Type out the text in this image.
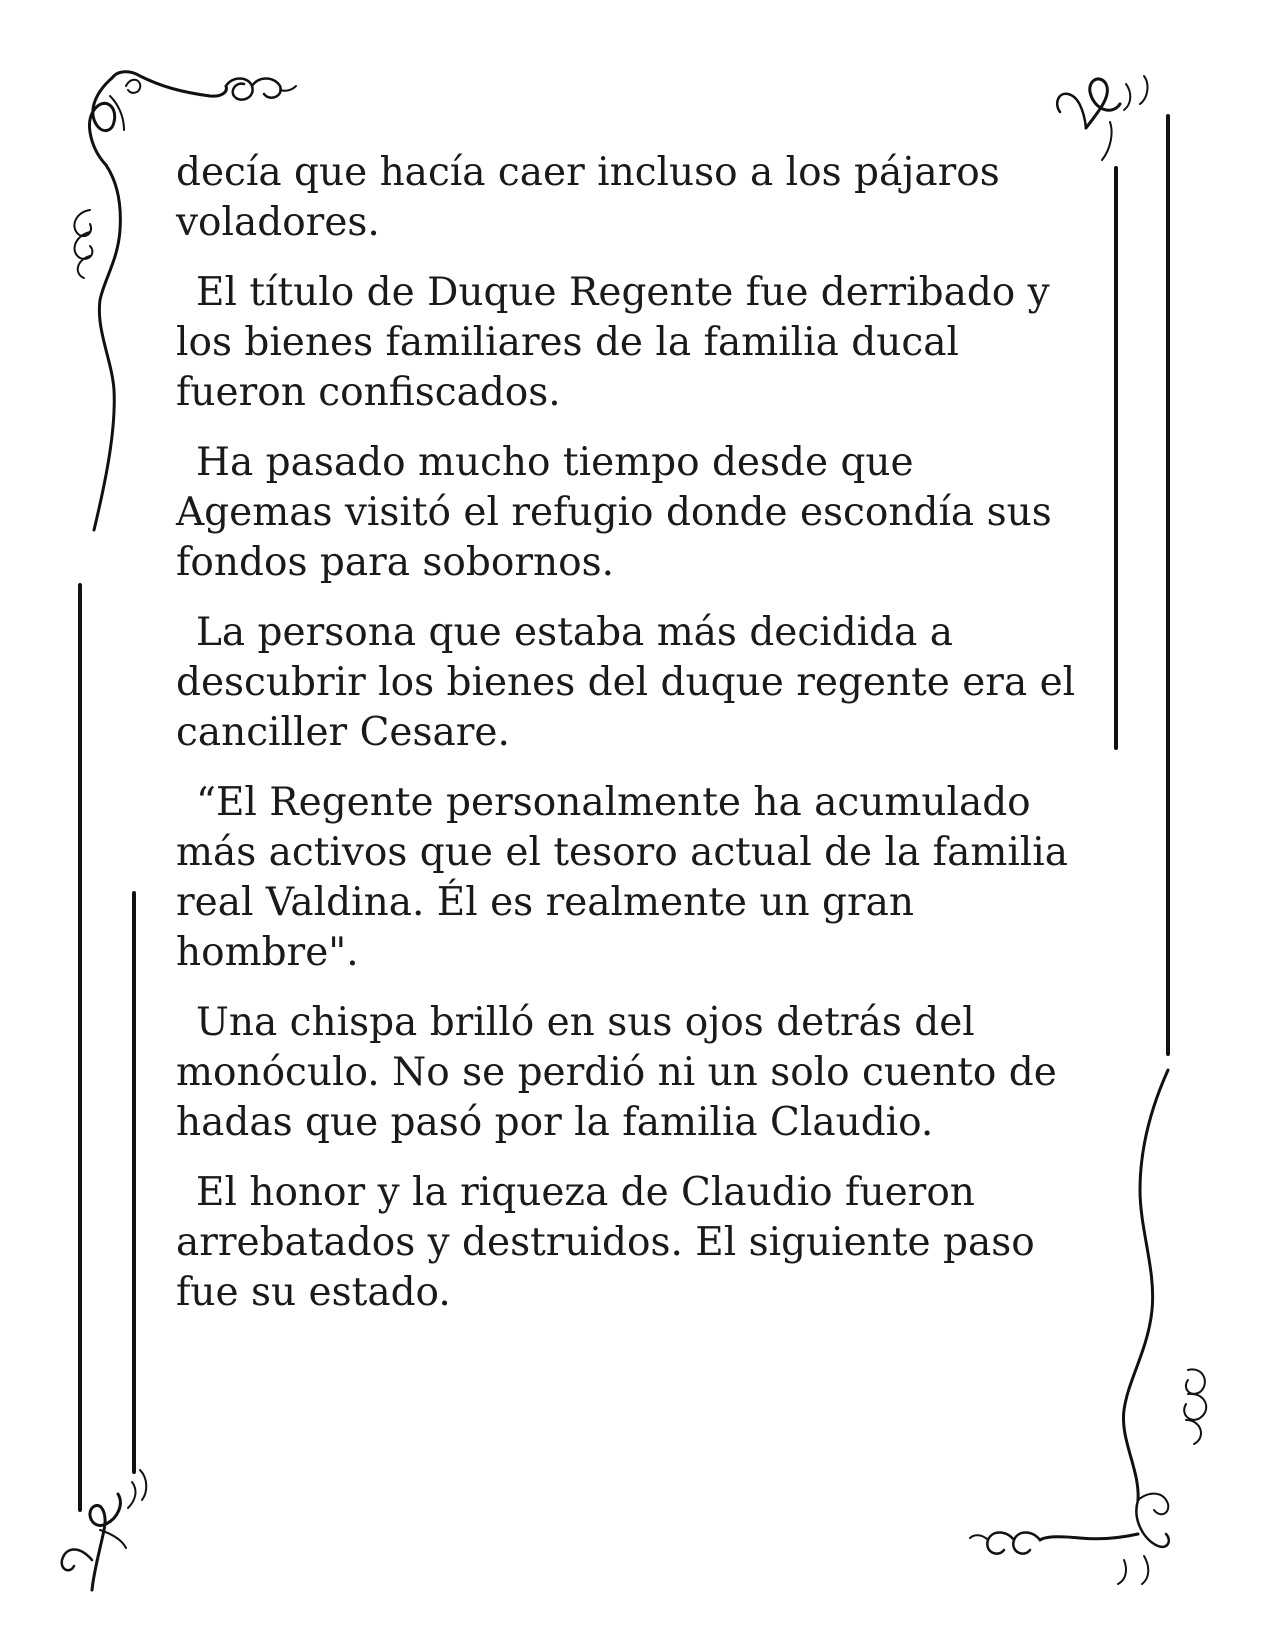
decía que hacía caer incluso a los pájaros voladores.

El título de Duque Regente fue derribado y los bienes familiares de la familia ducal fueron confiscados.

Ha pasado mucho tiempo desde que Agemas visitó el refugio donde escondía sus fondos para sobornos.

La persona que estaba más decidida a descubrir los bienes del duque regente era el canciller Cesare.

“El Regente personalmente ha acumulado más activos que el tesoro actual de la familia real Valdina. Él es realmente un gran hombre".

Una chispa brilló en sus ojos detrás del monóculo. No se perdió ni un solo cuento de hadas que pasó por la familia Claudio.

El honor y la riqueza de Claudio fueron arrebatados y destruidos. El siguiente paso fue su estado.
